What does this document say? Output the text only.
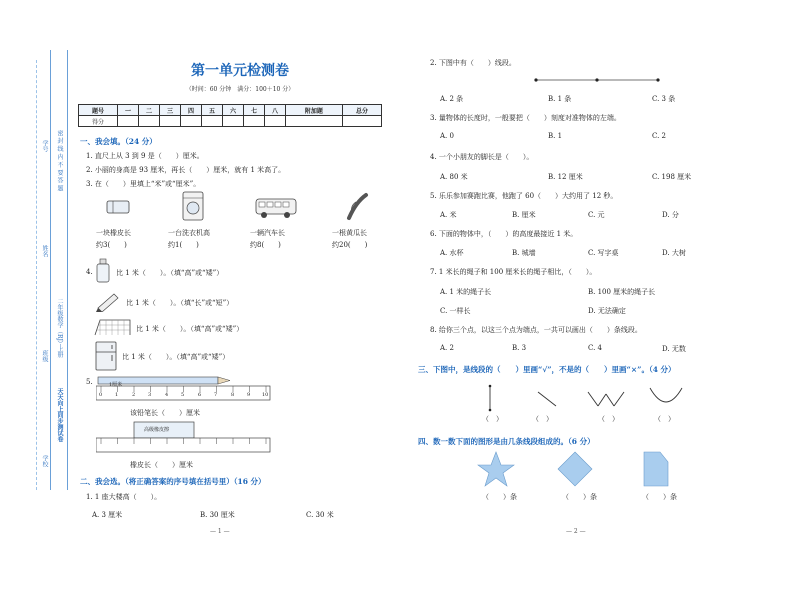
学号
姓名
班级
学校
密 封 线 内 不 要 答 题
二年级数学（RJ）·上册
天天向上同步测试卷
第一单元检测卷
（时间：60 分钟　满分：100＋10 分）
题号	一	二	三	四	五	六	七	八	附加题	总分
得分										
一、我会填。（24 分）
1. 直尺上从 3 到 9 是（　　）厘米。
2. 小丽的身高是 93 厘米，再长（　　）厘米，就有 1 米高了。
3. 在（　　）里填上“米”或“厘米”。
一块橡皮长
约3(　　)
一台洗衣机高
约1(　　)
一辆汽车长
约8(　　)
一根黄瓜长
约20(　　)
4.	比 1 米（　　）。（填“高”或“矮”）
比 1 米（　　）。（填“长”或“短”）
比 1 米（　　）。（填“高”或“矮”）
比 1 米（　　）。（填“高”或“矮”）
5.	1厘米
0	1	2	3	4	5	6	7	8	9 10
该铅笔长（　　）厘米
高级橡皮擦
橡皮长（　　）厘米
二、我会选。（将正确答案的序号填在括号里）（16 分）
1. 1 座大楼高（　　）。
A. 3 厘米	B. 30 厘米	C. 30 米
— 1 —
2. 下图中有（　　）线段。
A. 2 条	B. 1 条	C. 3 条
3. 量物体的长度时，一般要把（　　）刻度对准物体的左端。
A. 0	B. 1	C. 2
4. 一个小朋友的脚长是（　　）。
A. 80 米	B. 12 厘米	C. 198 厘米
5. 乐乐参加赛跑比赛，他跑了 60（　　）大约用了 12 秒。
A. 米	B. 厘米	C. 元	D. 分
6. 下面的物体中，（　　）的高度最接近 1 米。
A. 水杯	B. 城墙	C. 写字桌	D. 大树
7. 1 米长的绳子和 100 厘米长的绳子相比，（　　）。
A. 1 米的绳子长	B. 100 厘米的绳子长
C. 一样长	D. 无法确定
8. 给你三个点，以这三个点为端点，一共可以画出（　　）条线段。
A. 2	B. 3	C. 4	D. 无数
三、下图中，是线段的（　　）里画“√”，不是的（　　）里画“×”。（4 分）
（　）	（　）	（　）	（　）
四、数一数下面的图形是由几条线段组成的。（6 分）
（　　）条	（　　）条	（　　）条
— 2 —
